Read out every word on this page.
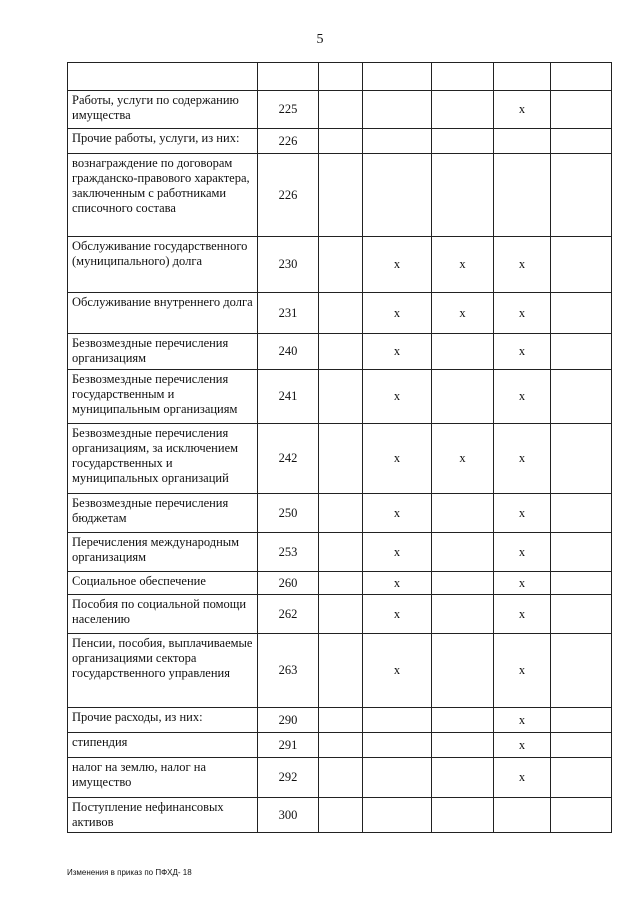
5

Работы, услуги по содержанию имущества	225				x	
Прочие работы, услуги, из них:	226					
вознаграждение по договорам гражданско-правового характера, заключенным с работниками списочного состава	226					
Обслуживание государственного (муниципального) долга	230		x	x	x	
Обслуживание внутреннего долга	231		x	x	x	
Безвозмездные перечисления организациям	240		x		x	
Безвозмездные перечисления государственным и муниципальным организациям	241		x		x	
Безвозмездные перечисления организациям, за исключением государственных и муниципальных организаций	242		x	x	x	
Безвозмездные перечисления бюджетам	250		x		x	
Перечисления международным организациям	253		x		x	
Социальное обеспечение	260		x		x	
Пособия по социальной помощи населению	262		x		x	
Пенсии, пособия, выплачиваемые организациями сектора государственного управления	263		x		x	
Прочие расходы, из них:	290				x	
стипендия	291				x	
налог на землю, налог на имущество	292				x	
Поступление нефинансовых активов	300					
Изменения в приказ по ПФХД- 18
